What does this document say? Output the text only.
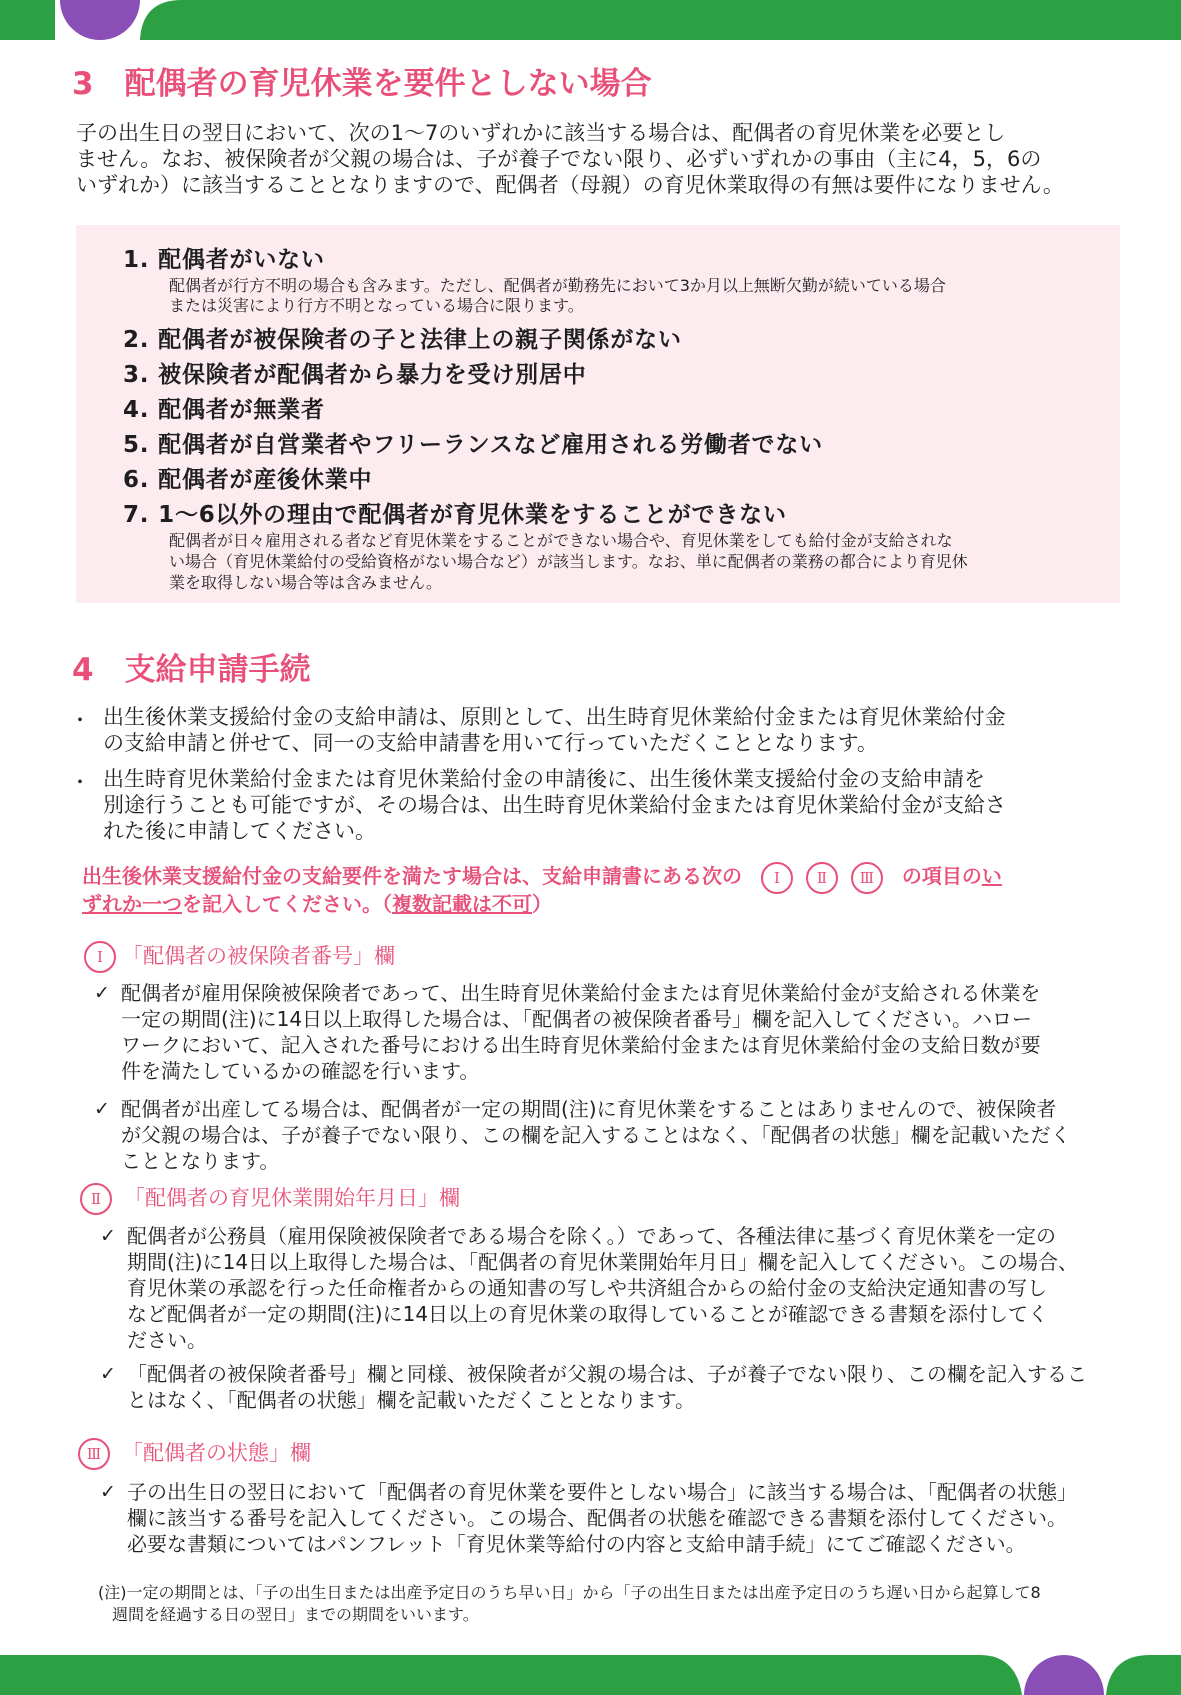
3　配偶者の育児休業を要件としない場合
子の出生日の翌日において、次の1～7のいずれかに該当する場合は、配偶者の育児休業を必要とし
ません。なお、被保険者が父親の場合は、子が養子でない限り、必ずいずれかの事由（主に4，5，6の
いずれか）に該当することとなりますので、配偶者（母親）の育児休業取得の有無は要件になりません。
1. 配偶者がいない
配偶者が行方不明の場合も含みます。ただし、配偶者が勤務先において3か月以上無断欠勤が続いている場合
または災害により行方不明となっている場合に限ります。
2. 配偶者が被保険者の子と法律上の親子関係がない
3. 被保険者が配偶者から暴力を受け別居中
4. 配偶者が無業者
5. 配偶者が自営業者やフリーランスなど雇用される労働者でない
6. 配偶者が産後休業中
7. 1～6以外の理由で配偶者が育児休業をすることができない
配偶者が日々雇用される者など育児休業をすることができない場合や、育児休業をしても給付金が支給されな
い場合（育児休業給付の受給資格がない場合など）が該当します。なお、単に配偶者の業務の都合により育児休
業を取得しない場合等は含みません。
4　支給申請手続
・ 出生後休業支援給付金の支給申請は、原則として、出生時育児休業給付金または育児休業給付金
の支給申請と併せて、同一の支給申請書を用いて行っていただくこととなります。
・ 出生時育児休業給付金または育児休業給付金の申請後に、出生後休業支援給付金の支給申請を
別途行うことも可能ですが、その場合は、出生時育児休業給付金または育児休業給付金が支給さ
れた後に申請してください。
出生後休業支援給付金の支給要件を満たす場合は、支給申請書にある次の Ⅰ Ⅱ Ⅲ の項目のい
ずれか一つを記入してください。（複数記載は不可）
Ⅰ 「配偶者の被保険者番号」欄
✓ 配偶者が雇用保険被保険者であって、出生時育児休業給付金または育児休業給付金が支給される休業を
一定の期間(注)に14日以上取得した場合は、「配偶者の被保険者番号」欄を記入してください。ハロー
ワークにおいて、記入された番号における出生時育児休業給付金または育児休業給付金の支給日数が要
件を満たしているかの確認を行います。
✓ 配偶者が出産してる場合は、配偶者が一定の期間(注)に育児休業をすることはありませんので、被保険者
が父親の場合は、子が養子でない限り、この欄を記入することはなく、「配偶者の状態」欄を記載いただく
こととなります。
Ⅱ 「配偶者の育児休業開始年月日」欄
✓ 配偶者が公務員（雇用保険被保険者である場合を除く。）であって、各種法律に基づく育児休業を一定の
期間(注)に14日以上取得した場合は、「配偶者の育児休業開始年月日」欄を記入してください。この場合、
育児休業の承認を行った任命権者からの通知書の写しや共済組合からの給付金の支給決定通知書の写し
など配偶者が一定の期間(注)に14日以上の育児休業の取得していることが確認できる書類を添付してく
ださい。
✓ 「配偶者の被保険者番号」欄と同様、被保険者が父親の場合は、子が養子でない限り、この欄を記入するこ
とはなく、「配偶者の状態」欄を記載いただくこととなります。
Ⅲ 「配偶者の状態」欄
✓ 子の出生日の翌日において「配偶者の育児休業を要件としない場合」に該当する場合は、「配偶者の状態」
欄に該当する番号を記入してください。この場合、配偶者の状態を確認できる書類を添付してください。
必要な書類についてはパンフレット「育児休業等給付の内容と支給申請手続」にてご確認ください。
(注)一定の期間とは、「子の出生日または出産予定日のうち早い日」から「子の出生日または出産予定日のうち遅い日から起算して8
週間を経過する日の翌日」までの期間をいいます。
